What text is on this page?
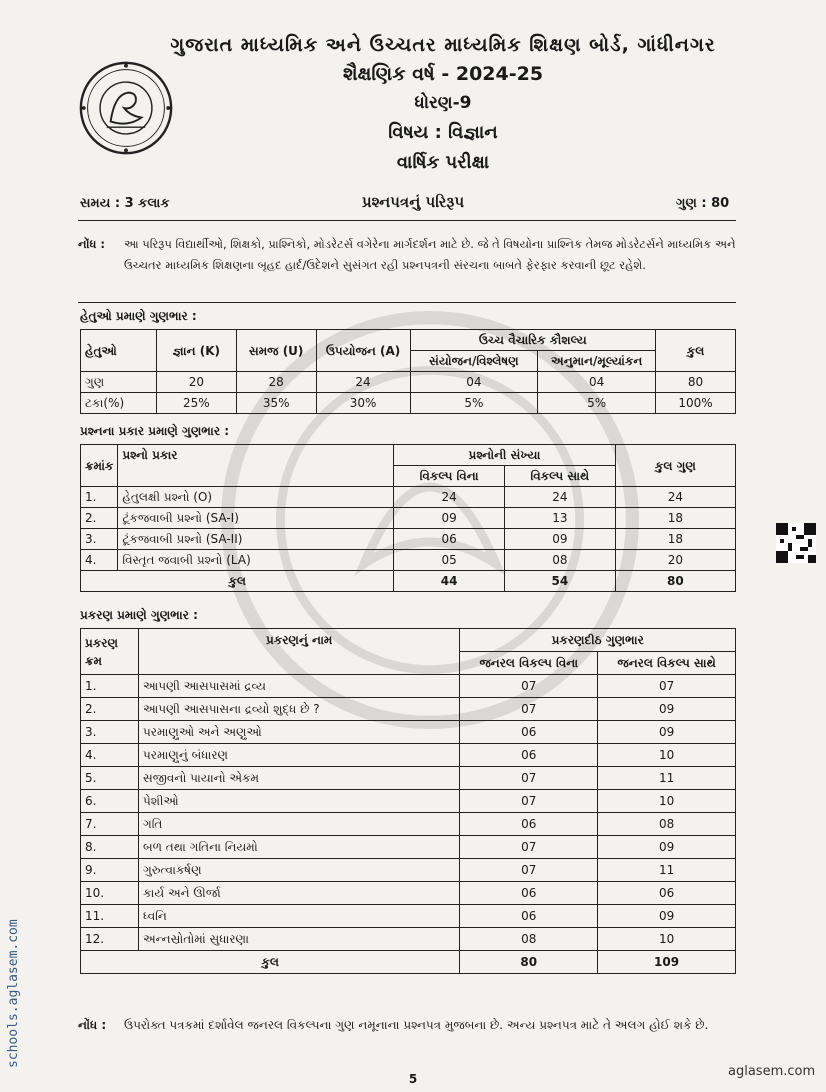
ગુજરાત માધ્યમિક અને ઉચ્ચતર માધ્યમિક શિક્ષણ બોર્ડ, ગાંધીનગર
શૈક્ષણિક વર્ષ - 2024-25
ધોરણ-9
વિષય : વિજ્ઞાન
વાર્ષિક પરીક્ષા
સમય : 3 કલાક	પ્રશ્નપત્રનું પરિરૂપ	ગુણ : 80
નોંધ : આ પરિરૂપ વિદ્યાર્થીઓ, શિક્ષકો, પ્રાશ્નિકો, મોડરેટર્સ વગેરેના માર્ગદર્શન માટે છે. જે તે વિષયોના પ્રાશ્નિક તેમજ મોડરેટર્સને માધ્યમિક અને ઉચ્ચતર માધ્યમિક શિક્ષણના બૃહદ હાર્દ/ઉદેશને સુસંગત રહી પ્રશ્નપત્રની સંરચના બાબતે ફેરફાર કરવાની છૂટ રહેશે.
હેતુઓ પ્રમાણે ગુણભાર :
હેતુઓ	જ્ઞાન (K)	સમજ (U)	ઉપયોજન (A)	ઉચ્ચ વૈચારિક કૌશલ્ય		કુલ
				સંયોજન/વિશ્લેષણ	અનુમાન/મૂલ્યાંકન	
ગુણ	20	28	24	04	04	80
ટકા(%)	25%	35%	30%	5%	5%	100%
પ્રશ્નના પ્રકાર પ્રમાણે ગુણભાર :
ક્રમાંક	પ્રશ્નો પ્રકાર	પ્રશ્નોની સંખ્યા		કુલ ગુણ
		વિકલ્પ વિના	વિકલ્પ સાથે	
1.	હેતુલક્ષી પ્રશ્નો (O)	24	24	24
2.	ટૂંકજવાબી પ્રશ્નો (SA-I)	09	13	18
3.	ટૂંકજવાબી પ્રશ્નો (SA-II)	06	09	18
4.	વિસ્તૃત જવાબી પ્રશ્નો (LA)	05	08	20
કુલ		44	54	80
પ્રકરણ પ્રમાણે ગુણભાર :
પ્રકરણ ક્રમ	પ્રકરણનું નામ	પ્રકરણદીઠ ગુણભાર	
		જનરલ વિકલ્પ વિના	જનરલ વિકલ્પ સાથે
1.	આપણી આસપાસમાં દ્રવ્ય	07	07
2.	આપણી આસપાસના દ્રવ્યો શુદ્ધ છે ?	07	09
3.	પરમાણુઓ અને અણુઓ	06	09
4.	પરમાણુનું બંધારણ	06	10
5.	સજીવનો પાયાનો એકમ	07	11
6.	પેશીઓ	07	10
7.	ગતિ	06	08
8.	બળ તથા ગતિના નિયમો	07	09
9.	ગુરુત્વાકર્ષણ	07	11
10.	કાર્ય અને ઊર્જા	06	06
11.	ધ્વનિ	06	09
12.	અન્નસ્રોતોમાં સુધારણા	08	10
કુલ		80	109
નોંધ : ઉપરોક્ત પત્રકમાં દર્શાવેલ જનરલ વિકલ્પના ગુણ નમૂનાના પ્રશ્નપત્ર મુજબના છે. અન્ય પ્રશ્નપત્ર માટે તે અલગ હોઈ શકે છે.
5
schools.aglasem.com
aglasem.com
